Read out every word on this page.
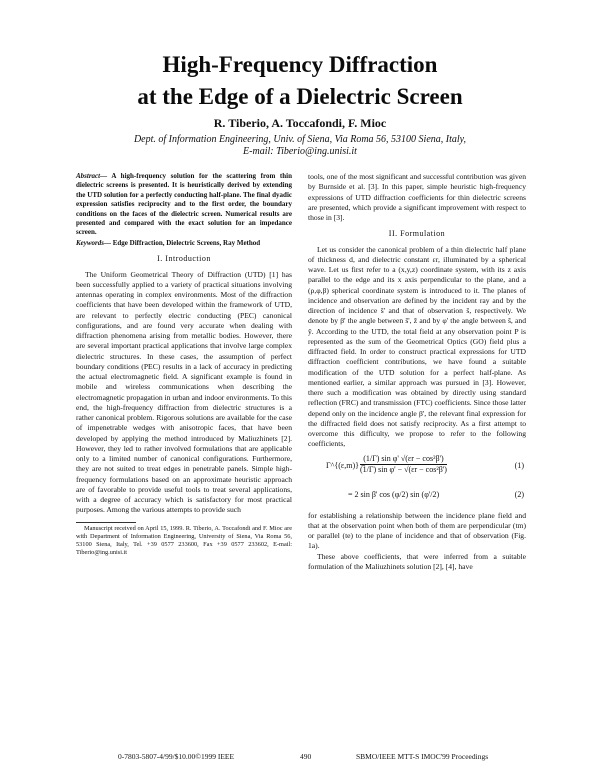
High-Frequency Diffraction
at the Edge of a Dielectric Screen
R. Tiberio, A. Toccafondi, F. Mioc
Dept. of Information Engineering, Univ. of Siena, Via Roma 56, 53100 Siena, Italy,
E-mail: Tiberio@ing.unisi.it
Abstract— A high-frequency solution for the scattering from thin dielectric screens is presented. It is heuristically derived by extending the UTD solution for a perfectly conducting half-plane. The final dyadic expression satisfies reciprocity and to the first order, the boundary conditions on the faces of the dielectric screen. Numerical results are presented and compared with the exact solution for an impedance screen.
Keywords— Edge Diffraction, Dielectric Screens, Ray Method
I. Introduction

The Uniform Geometrical Theory of Diffraction (UTD) [1] has been successfully applied to a variety of practical situations involving antennas operating in complex environments. Most of the diffraction coefficients that have been developed within the framework of UTD, are relevant to perfectly electric conducting (PEC) canonical configurations, and are found very accurate when dealing with diffraction phenomena arising from metallic bodies. However, there are several important practical applications that involve large complex dielectric structures. In these cases, the assumption of perfect boundary conditions (PEC) results in a lack of accuracy in predicting the actual electromagnetic field. A significant example is found in mobile and wireless communications when describing the electromagnetic propagation in urban and indoor environments. To this end, the high-frequency diffraction from dielectric structures is a rather canonical problem. Rigorous solutions are available for the case of impenetrable wedges with anisotropic faces, that have been developed by applying the method introduced by Maliuzhinets [2]. However, they led to rather involved formulations that are applicable only to a limited number of canonical configurations. Furthermore, they are not suited to treat edges in penetrable panels. Simple high-frequency formulations based on an approximate heuristic approach are of favorable to provide useful tools to treat several applications, with a degree of accuracy which is satisfactory for most practical purposes. Among the various attempts to provide such

Manuscript received on April 15, 1999. R. Tiberio, A. Toccafondi and F. Mioc are with Department of Information Engineering, University of Siena, Via Roma 56, 53100 Siena, Italy, Tel. +39 0577 233600, Fax +39 0577 233602, E-mail: Tiberio@ing.unisi.it

tools, one of the most significant and successful contribution was given by Burnside et al. [3]. In this paper, simple heuristic high-frequency expressions of UTD diffraction coefficients for thin dielectric screens are presented, which provide a significant improvement with respect to those in [3].

II. Formulation

Let us consider the canonical problem of a thin dielectric half plane of thickness d, and dielectric constant εr, illuminated by a spherical wave. Let us first refer to a (x,y,z) coordinate system, with its z axis parallel to the edge and its x axis perpendicular to the plane, and a (ρ,φ,β) spherical coordinate system is introduced to it. The planes of incidence and observation are defined by the incident ray and by the direction of incidence ŝ' and that of observation ŝ, respectively. We denote by β' the angle between ŝ', ẑ and by φ' the angle between ŝ, and ŷ. According to the UTD, the total field at any observation point P is represented as the sum of the Geometrical Optics (GO) field plus a diffracted field. In order to construct practical expressions for UTD diffraction coefficient contributions, we have found a suitable modification of the UTD solution for a perfect half-plane. As mentioned earlier, a similar approach was pursued in [3]. However, there such a modification was obtained by directly using standard reflection (FRC) and transmission (FTC) coefficients. Since those latter depend only on the incidence angle β', the relevant final expression for the diffracted field does not satisfy reciprocity. As a first attempt to overcome this difficulty, we propose to refer to the following coefficients,

Γ^{(ε,m)} =
$\frac{\text{(1/Γ) sin φ' √(εr − cos²β')}}{\text{(1/Γ) sin φ' − √(εr − cos²β')}}$	(1)
= 2 sin β' cos (φ/2) sin (φ'/2)	(2)

for establishing a relationship between the incidence plane field and that at the observation point when both of them are perpendicular (tm) or parallel (te) to the plane of incidence and that of observation (Fig. 1a).

These above coefficients, that were inferred from a suitable formulation of the Maliuzhinets solution [2], [4], have

0-7803-5807-4/99/$10.00©1999 IEEE	490	SBMO/IEEE MTT-S IMOC'99 Proceedings
